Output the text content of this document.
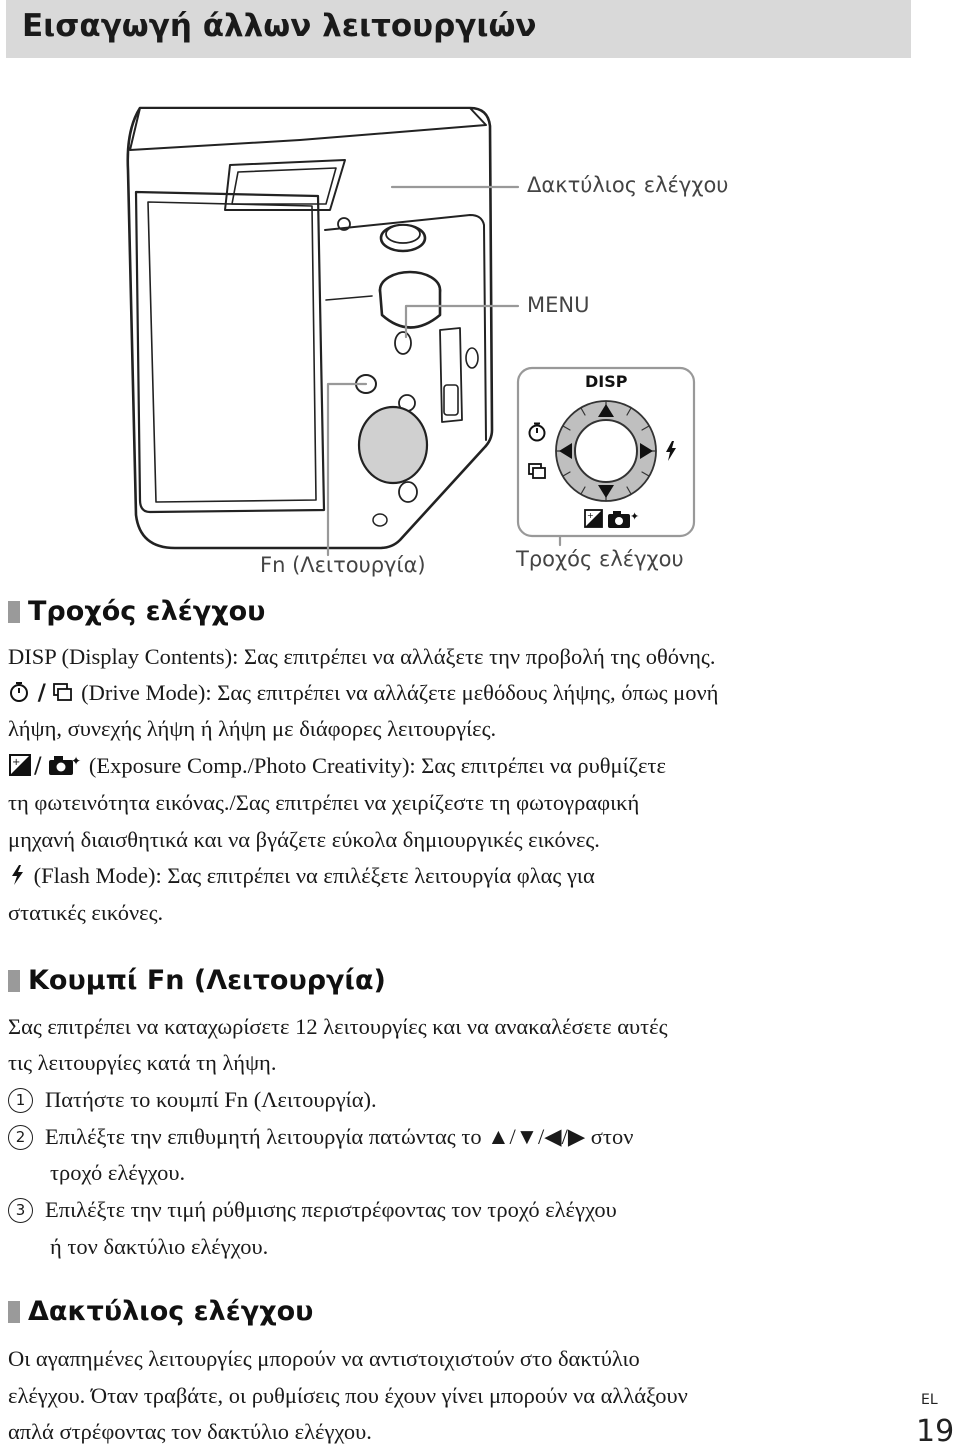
Εισαγωγή άλλων λειτουργιών
DISP
+	✦
Δακτύλιος ελέγχου
MENU
Fn (Λειτουργία)	Τροχός ελέγχου
Τροχός ελέγχου
DISP (Display Contents): Σας επιτρέπει να αλλάξετε την προβολή της οθόνης.
/  (Drive Mode): Σας επιτρέπει να αλλάζετε μεθόδους λήψης, όπως μονή
λήψη, συνεχής λήψη ή λήψη με διάφορες λειτουργίες.
+ / ✦ (Exposure Comp./Photo Creativity): Σας επιτρέπει να ρυθμίζετε
τη φωτεινότητα εικόνας./Σας επιτρέπει να χειρίζεστε τη φωτογραφική
μηχανή διαισθητικά και να βγάζετε εύκολα δημιουργικές εικόνες.
(Flash Mode): Σας επιτρέπει να επιλέξετε λειτουργία φλας για
στατικές εικόνες.
Κουμπί Fn (Λειτουργία)
Σας επιτρέπει να καταχωρίσετε 12 λειτουργίες και να ανακαλέσετε αυτές
τις λειτουργίες κατά τη λήψη.
1 Πατήστε το κουμπί Fn (Λειτουργία).
2 Επιλέξτε την επιθυμητή λειτουργία πατώντας το ▲/▼/◀/▶ στον
τροχό ελέγχου.
3 Επιλέξτε την τιμή ρύθμισης περιστρέφοντας τον τροχό ελέγχου
ή τον δακτύλιο ελέγχου.
Δακτύλιος ελέγχου
Οι αγαπημένες λειτουργίες μπορούν να αντιστοιχιστούν στο δακτύλιο
ελέγχου. Όταν τραβάτε, οι ρυθμίσεις που έχουν γίνει μπορούν να αλλάξουν
απλά στρέφοντας τον δακτύλιο ελέγχου.
EL
19
